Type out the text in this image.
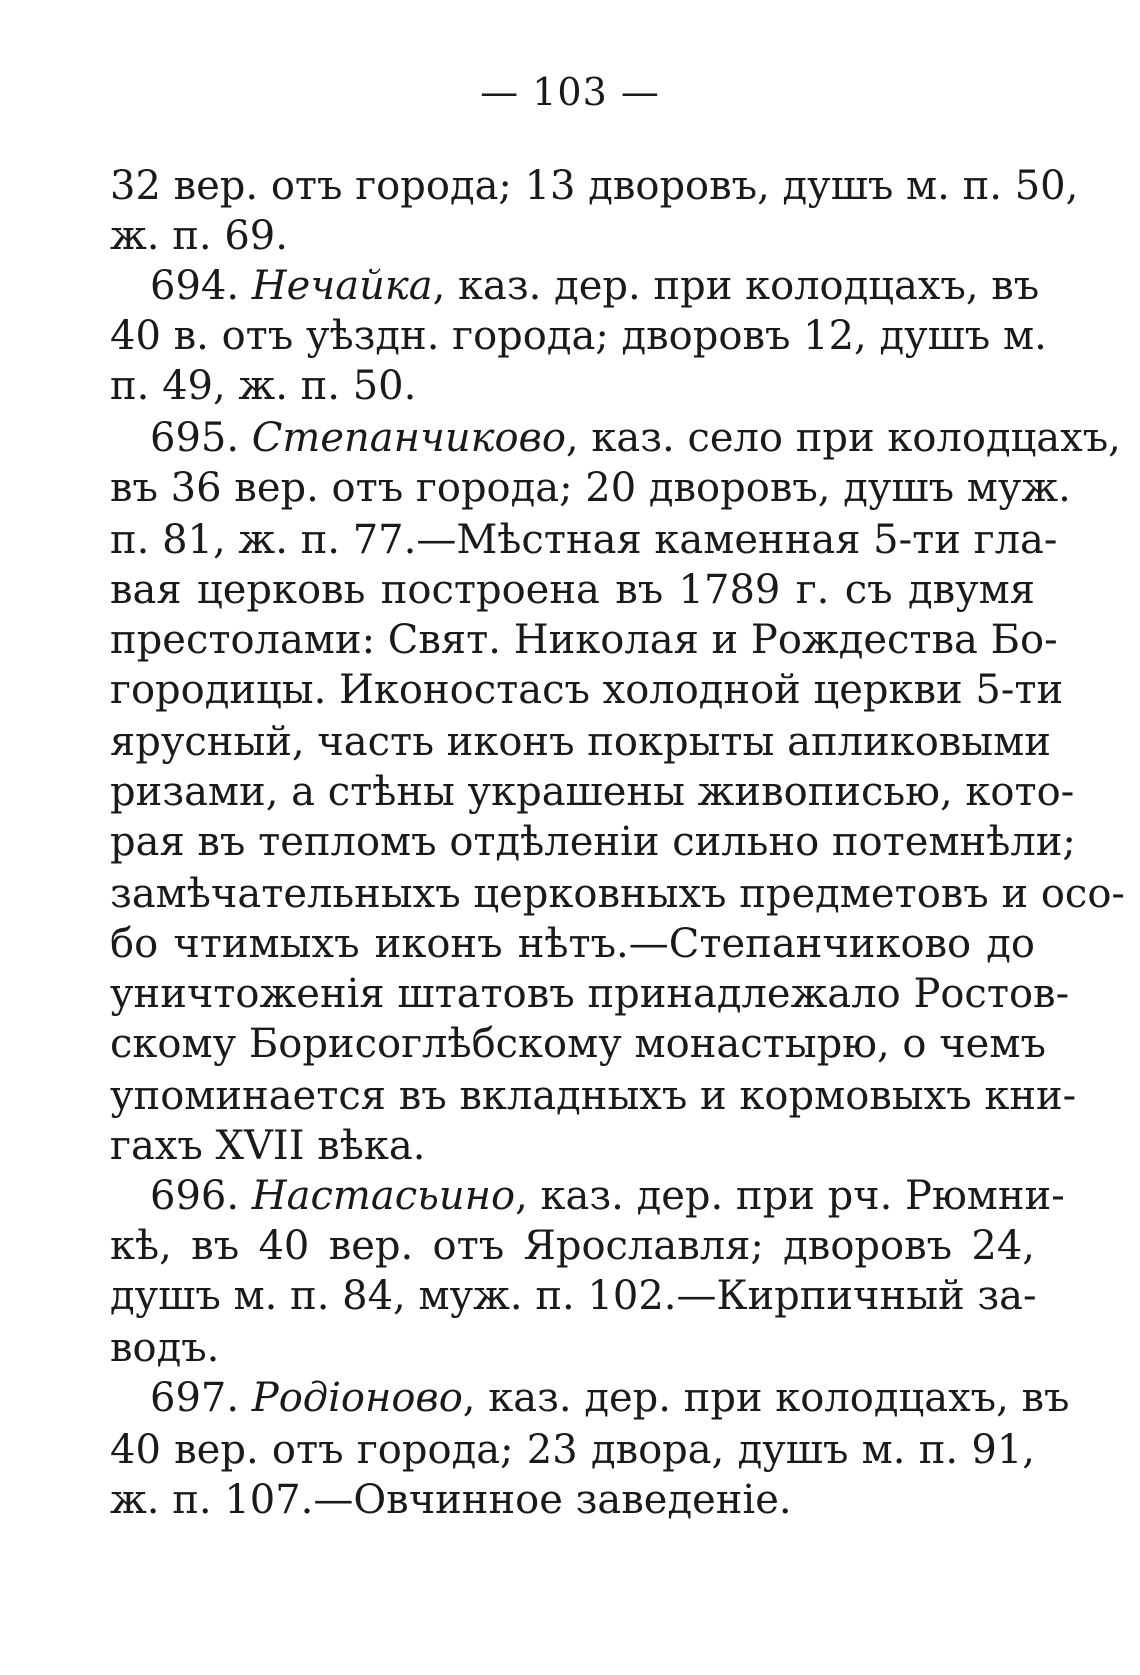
— 103 —
32 вер. отъ города; 13 дворовъ, душъ м. п. 50,
ж. п. 69.
694. Нечайка, каз. дер. при колодцахъ, въ
40 в. отъ уѣздн. города; дворовъ 12, душъ м.
п. 49, ж. п. 50.
695. Степанчиково, каз. село при колодцахъ,
въ 36 вер. отъ города; 20 дворовъ, душъ муж.
п. 81, ж. п. 77.—Мѣстная каменная 5-ти гла-
вая церковь построена въ 1789 г. съ двумя
престолами: Свят. Николая и Рождества Бо-
городицы. Иконостасъ холодной церкви 5-ти
ярусный, часть иконъ покрыты апликовыми
ризами, а стѣны украшены живописью, кото-
рая въ тепломъ отдѣленіи сильно потемнѣли;
замѣчательныхъ церковныхъ предметовъ и осо-
бо чтимыхъ иконъ нѣтъ.—Степанчиково до
уничтоженія штатовъ принадлежало Ростов-
скому Борисоглѣбскому монастырю, о чемъ
упоминается въ вкладныхъ и кормовыхъ кни-
гахъ XVII вѣка.
696. Настасьино, каз. дер. при рч. Рюмни-
кѣ, въ 40 вер. отъ Ярославля; дворовъ 24,
душъ м. п. 84, муж. п. 102.—Кирпичный за-
водъ.
697. Родіоново, каз. дер. при колодцахъ, въ
40 вер. отъ города; 23 двора, душъ м. п. 91,
ж. п. 107.—Овчинное заведеніе.
